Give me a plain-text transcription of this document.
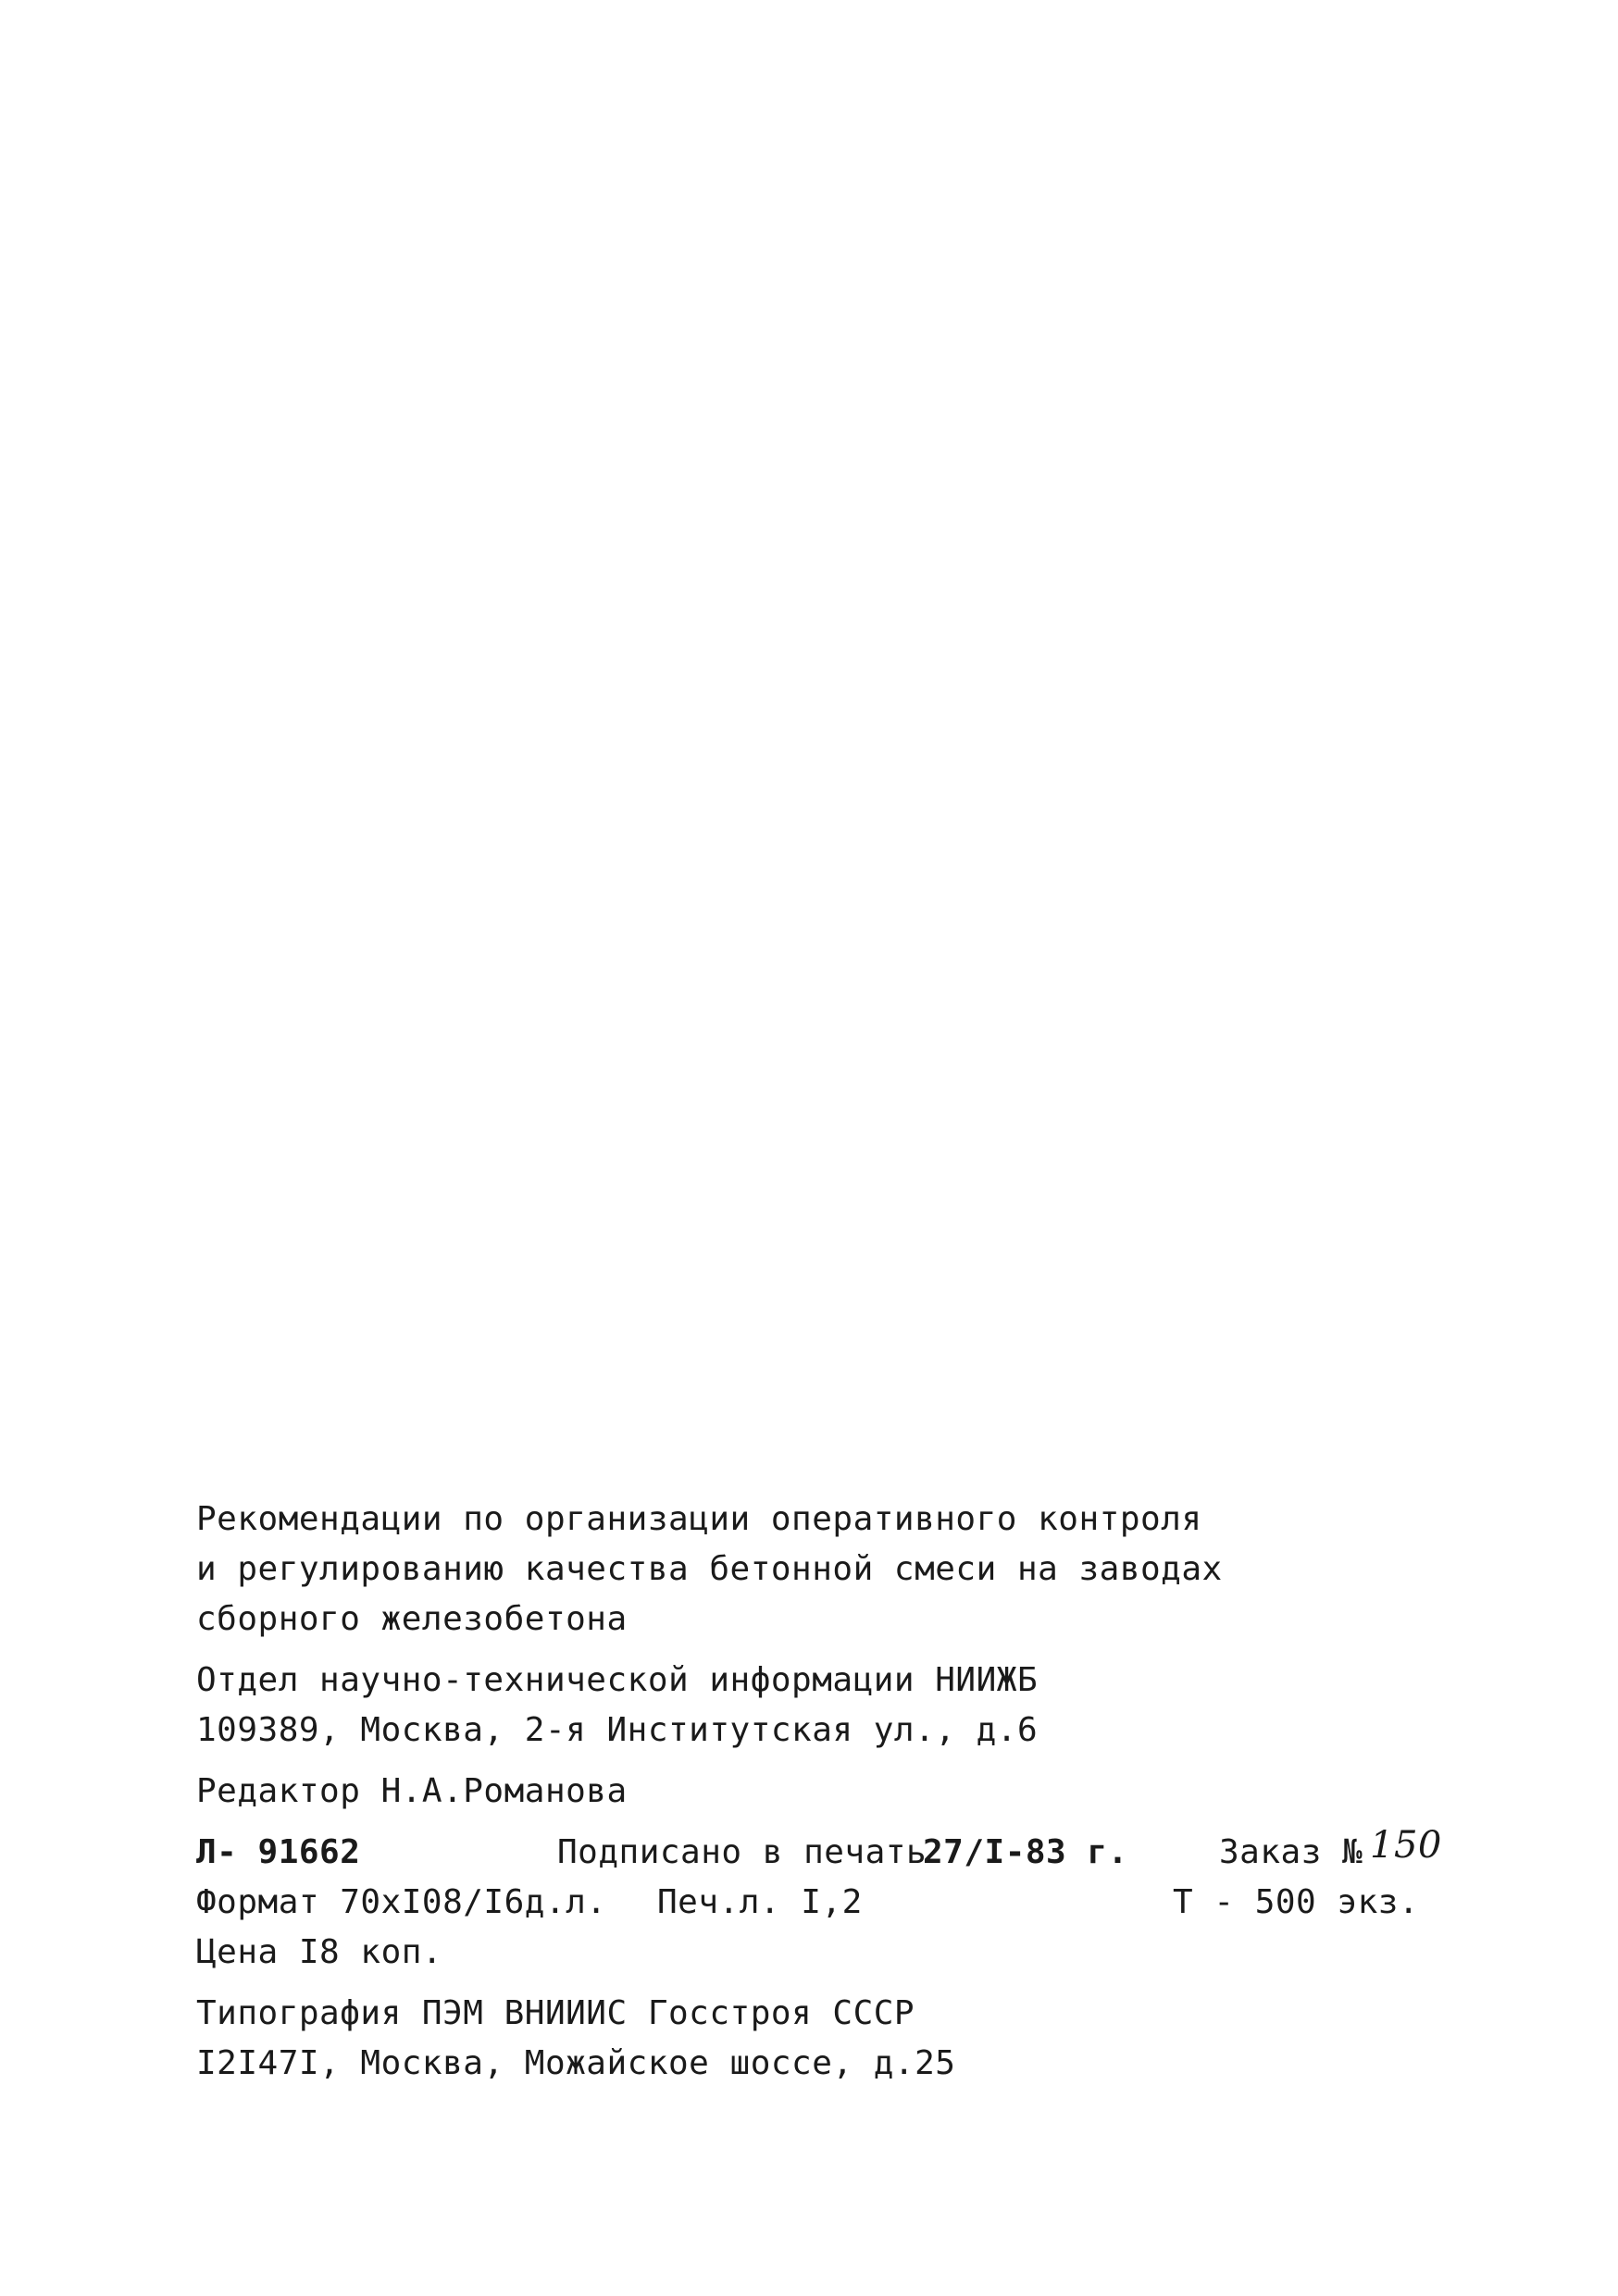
Рекомендации по организации оперативного контроля
и регулированию качества бетонной смеси на заводах
сборного железобетона
Отдел научно-технической информации НИИЖБ
109389, Москва, 2-я Институтская ул., д.6
Редактор Н.А.Романова
Л- 91662	Подписано в печать
27/I-83 г.	Заказ № 150
Формат 70хI08/I6д.л. Печ.л. I,2	Т - 500 экз.
Цена I8 коп.
Типография ПЭМ ВНИИИС Госстроя СССР
I2I47I, Москва, Можайское шоссе, д.25
